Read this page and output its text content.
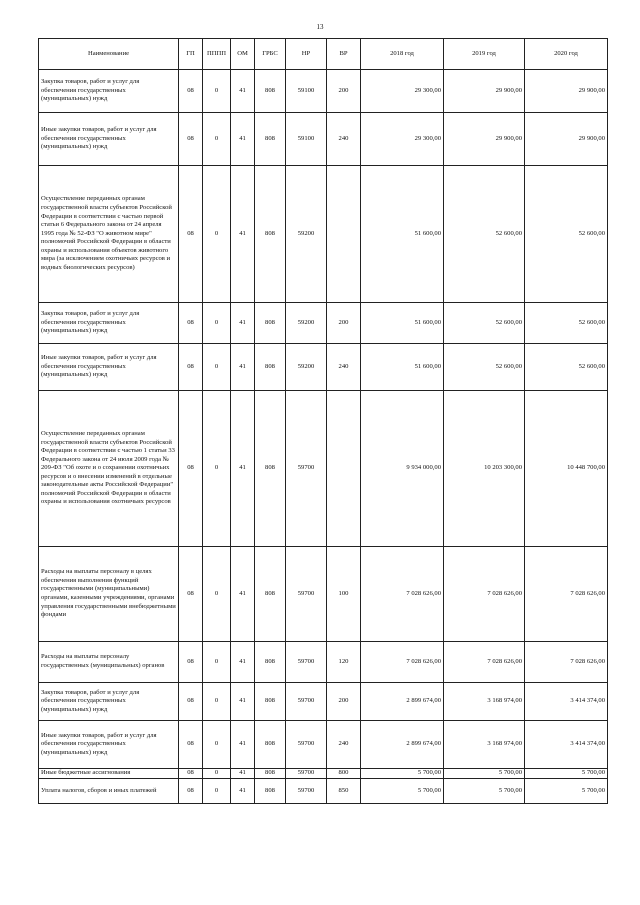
13
Наименование	ГП	ПППП	ОМ	ГРБС	НР	ВР	2018 год	2019 год	2020 год
Закупка товаров, работ и услуг для обеспечения государственных (муниципальных) нужд	08	0	41	808	59100	200	29 300,00	29 900,00	29 900,00
Иные закупки товаров, работ и услуг для обеспечения государственных (муниципальных) нужд	08	0	41	808	59100	240	29 300,00	29 900,00	29 900,00
Осуществление переданных органам государственной власти субъектов Российской Федерации в соответствии с частью первой статьи 6 Федерального закона от 24 апреля 1995 года № 52-ФЗ "О животном мире" полномочий Российской Федерации в области охраны и использования объектов животного мира (за исключением охотничьих ресурсов и водных биологических ресурсов)	08	0	41	808	59200		51 600,00	52 600,00	52 600,00
Закупка товаров, работ и услуг для обеспечения государственных (муниципальных) нужд	08	0	41	808	59200	200	51 600,00	52 600,00	52 600,00
Иные закупки товаров, работ и услуг для обеспечения государственных (муниципальных) нужд	08	0	41	808	59200	240	51 600,00	52 600,00	52 600,00
Осуществление переданных органам государственной власти субъектов Российской Федерации в соответствии с частью 1 статьи 33 Федерального закона от 24 июля 2009 года № 209-ФЗ "Об охоте и о сохранении охотничьих ресурсов и о внесении изменений в отдельные законодательные акты Российской Федерации" полномочий Российской Федерации в области охраны и использования охотничьих ресурсов	08	0	41	808	59700		9 934 000,00	10 203 300,00	10 448 700,00
Расходы на выплаты персоналу в целях обеспечения выполнения функций государственными (муниципальными) органами, казенными учреждениями, органами управления государственными внебюджетными фондами	08	0	41	808	59700	100	7 028 626,00	7 028 626,00	7 028 626,00
Расходы на выплаты персоналу государственных (муниципальных) органов	08	0	41	808	59700	120	7 028 626,00	7 028 626,00	7 028 626,00
Закупка товаров, работ и услуг для обеспечения государственных (муниципальных) нужд	08	0	41	808	59700	200	2 899 674,00	3 168 974,00	3 414 374,00
Иные закупки товаров, работ и услуг для обеспечения государственных (муниципальных) нужд	08	0	41	808	59700	240	2 899 674,00	3 168 974,00	3 414 374,00
Иные бюджетные ассигнования	08	0	41	808	59700	800	5 700,00	5 700,00	5 700,00
Уплата налогов, сборов и иных платежей	08	0	41	808	59700	850	5 700,00	5 700,00	5 700,00
